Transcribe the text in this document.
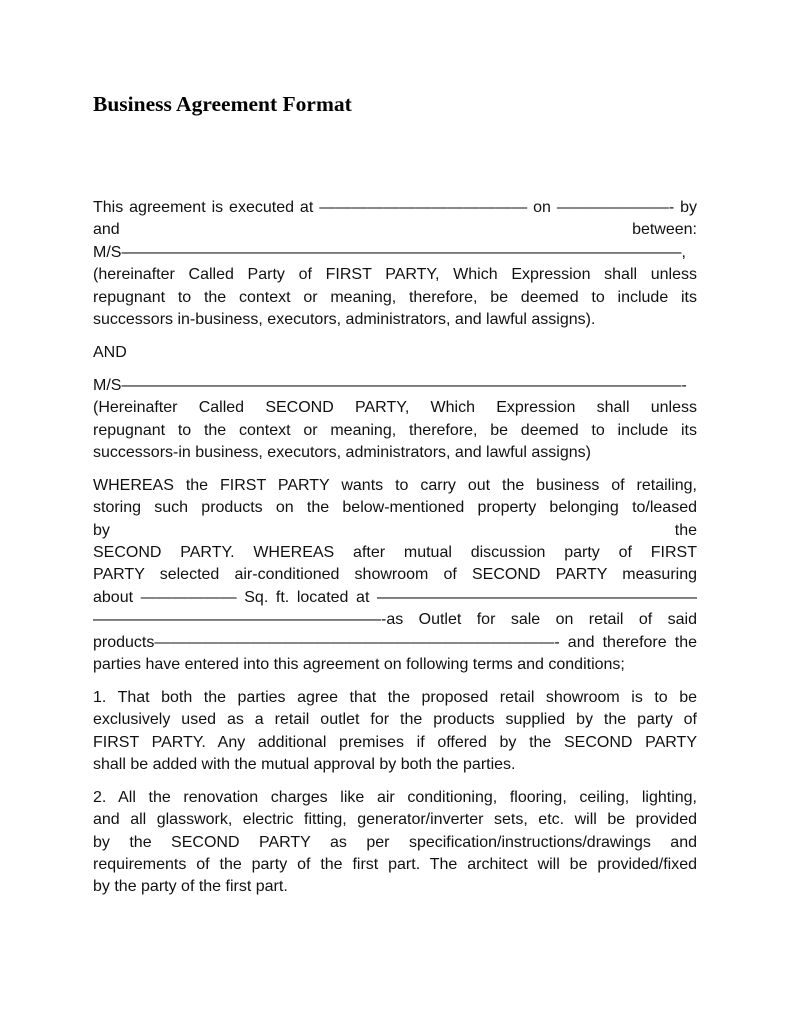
Business Agreement Format
This agreement is executed at ————————————— on ———————- by
and between:
M/S———————————————————————————————————,
(hereinafter Called Party of FIRST PARTY, Which Expression shall unless
repugnant to the context or meaning, therefore, be deemed to include its
successors in-business, executors, administrators, and lawful assigns).
AND
M/S———————————————————————————————————-
(Hereinafter Called SECOND PARTY, Which Expression shall unless
repugnant to the context or meaning, therefore, be deemed to include its
successors-in business, executors, administrators, and lawful assigns)
WHEREAS the FIRST PARTY wants to carry out the business of retailing,
storing such products on the below-mentioned property belonging to/leased
by the
SECOND PARTY. WHEREAS after mutual discussion party of FIRST
PARTY selected air-conditioned showroom of SECOND PARTY measuring
about —————— Sq. ft. located at ————————————————————
——————————————————-as Outlet for sale on retail of said
products—————————————————————————- and therefore the
parties have entered into this agreement on following terms and conditions;
1. That both the parties agree that the proposed retail showroom is to be
exclusively used as a retail outlet for the products supplied by the party of
FIRST PARTY. Any additional premises if offered by the SECOND PARTY
shall be added with the mutual approval by both the parties.
2. All the renovation charges like air conditioning, flooring, ceiling, lighting,
and all glasswork, electric fitting, generator/inverter sets, etc. will be provided
by the SECOND PARTY as per specification/instructions/drawings and
requirements of the party of the first part. The architect will be provided/fixed
by the party of the first part.
